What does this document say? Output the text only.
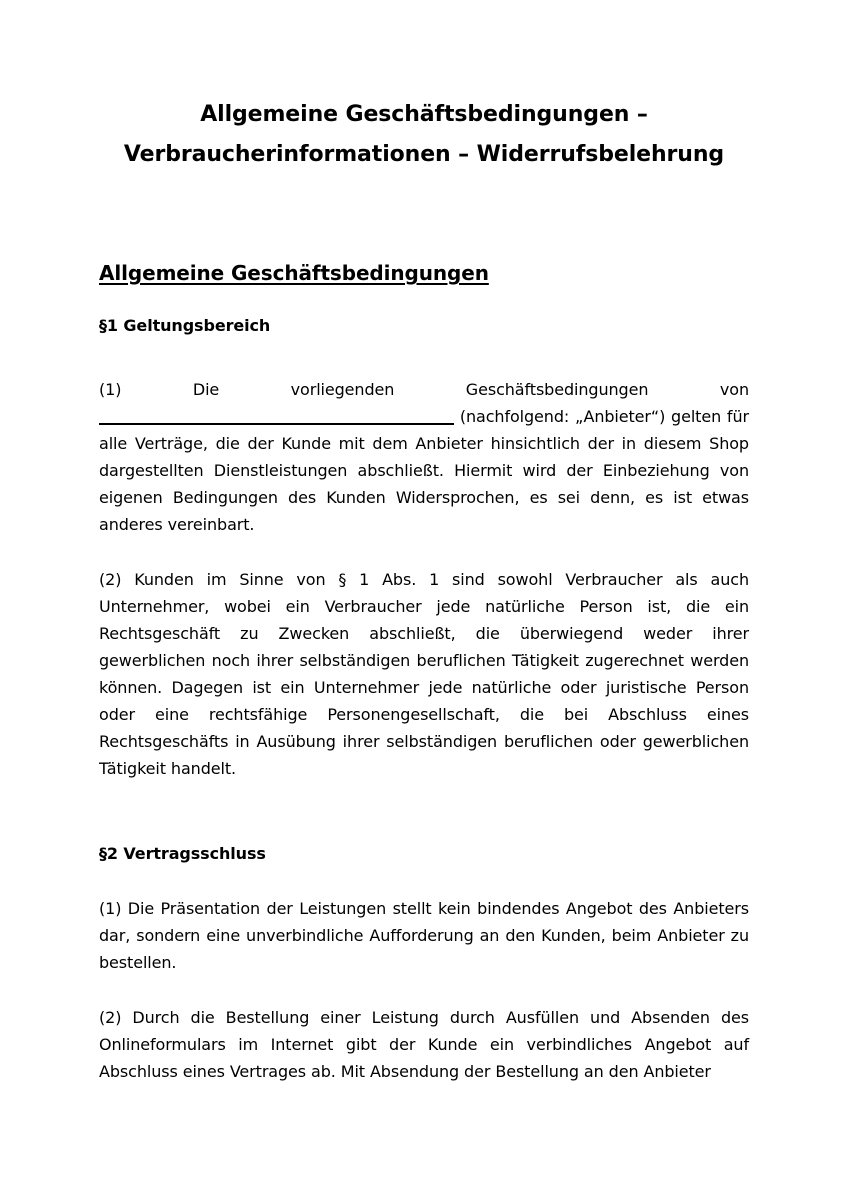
Allgemeine Geschäftsbedingungen –
Verbraucherinformationen – Widerrufsbelehrung
Allgemeine Geschäftsbedingungen
§1 Geltungsbereich

(1) Die vorliegenden Geschäftsbedingungen von  (nachfolgend: „Anbieter“) gelten für alle Verträge, die der Kunde mit dem Anbieter hinsichtlich der in diesem Shop dargestellten Dienstleistungen abschließt. Hiermit wird der Einbeziehung von eigenen Bedingungen des Kunden Widersprochen, es sei denn, es ist etwas anderes vereinbart.

(2) Kunden im Sinne von § 1 Abs. 1 sind sowohl Verbraucher als auch Unternehmer, wobei ein Verbraucher jede natürliche Person ist, die ein Rechtsgeschäft zu Zwecken abschließt, die überwiegend weder ihrer gewerblichen noch ihrer selbständigen beruflichen Tätigkeit zugerechnet werden können. Dagegen ist ein Unternehmer jede natürliche oder juristische Person oder eine rechtsfähige Personengesellschaft, die bei Abschluss eines Rechtsgeschäfts in Ausübung ihrer selbständigen beruflichen oder gewerblichen Tätigkeit handelt.

§2 Vertragsschluss

(1) Die Präsentation der Leistungen stellt kein bindendes Angebot des Anbieters dar, sondern eine unverbindliche Aufforderung an den Kunden, beim Anbieter zu bestellen.

(2) Durch die Bestellung einer Leistung durch Ausfüllen und Absenden des Onlineformulars im Internet gibt der Kunde ein verbindliches Angebot auf Abschluss eines Vertrages ab. Mit Absendung der Bestellung an den Anbieter
